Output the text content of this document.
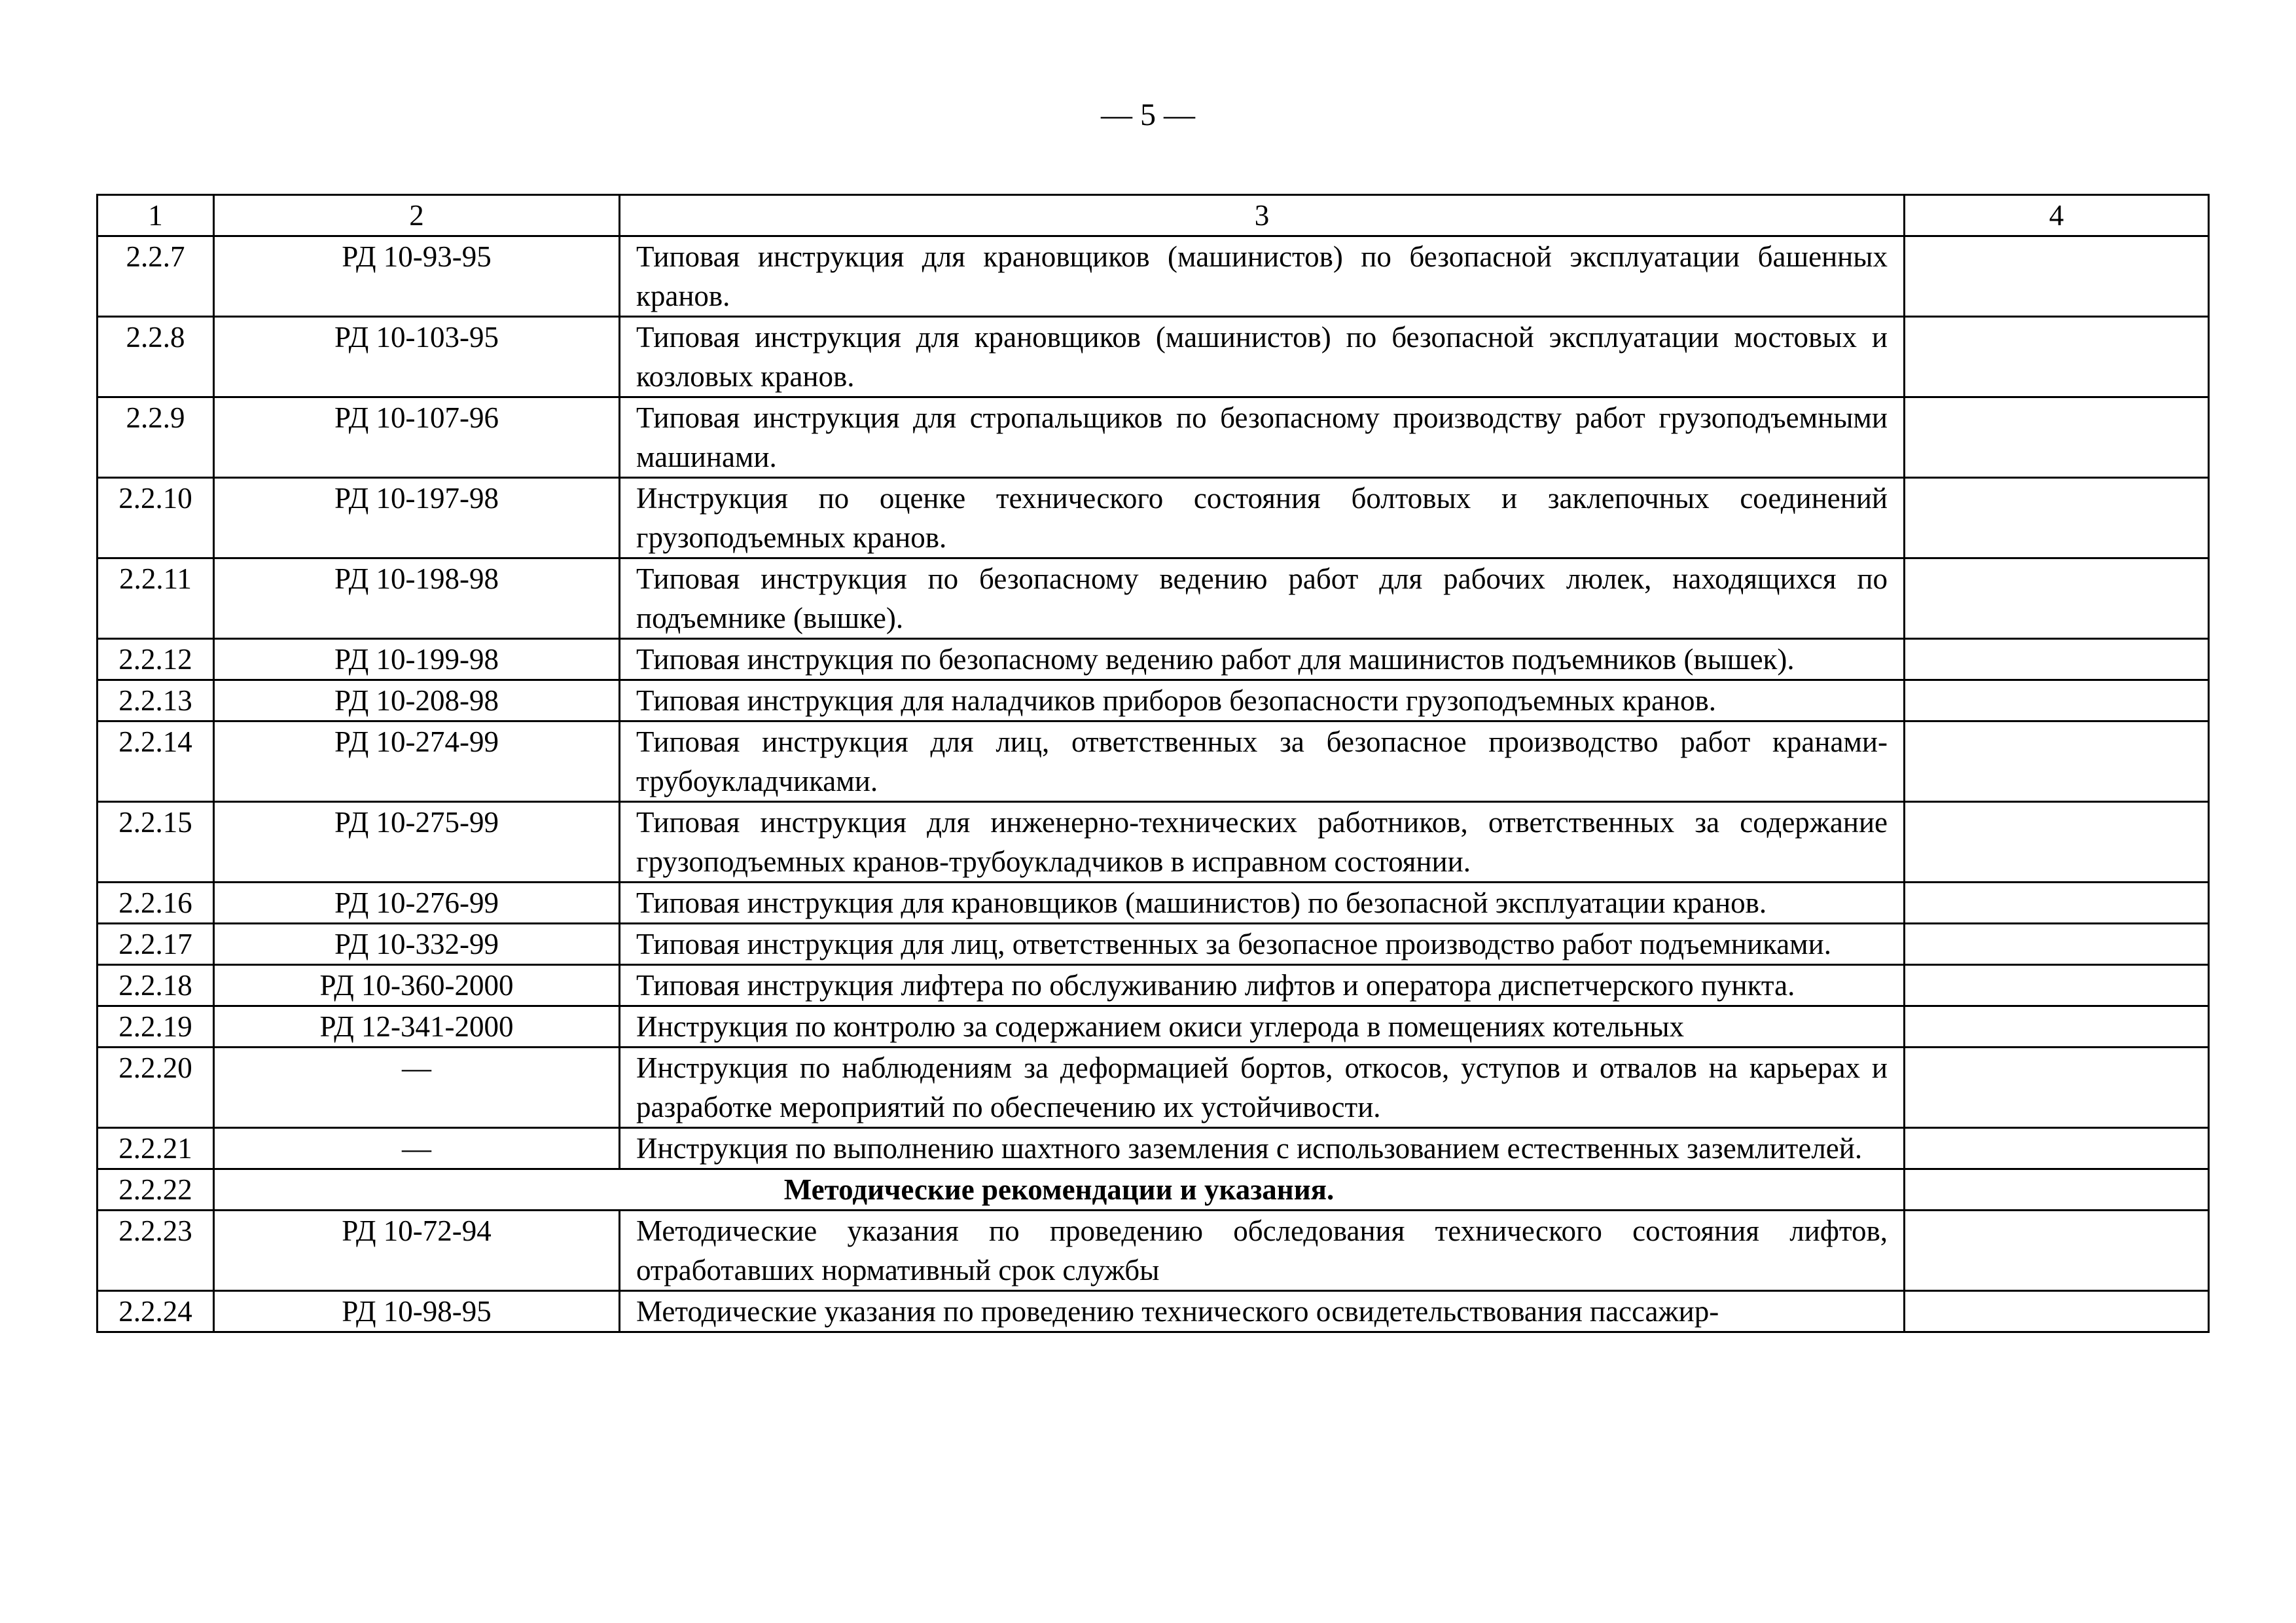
— 5 —
1	2	3	4
2.2.7	РД 10-93-95	Типовая инструкция для крановщиков (машинистов) по безопасной эксплуатации башенных кранов.	
2.2.8	РД 10-103-95	Типовая инструкция для крановщиков (машинистов) по безопасной эксплуатации мостовых и козловых кранов.	
2.2.9	РД 10-107-96	Типовая инструкция для стропальщиков по безопасному производству работ грузоподъемными машинами.	
2.2.10	РД 10-197-98	Инструкция по оценке технического состояния болтовых и заклепочных соединений грузоподъемных кранов.	
2.2.11	РД 10-198-98	Типовая инструкция по безопасному ведению работ для рабочих люлек, находящихся по подъемнике (вышке).	
2.2.12	РД 10-199-98	Типовая инструкция по безопасному ведению работ для машинистов подъемников (вышек).	
2.2.13	РД 10-208-98	Типовая инструкция для наладчиков приборов безопасности грузоподъемных кранов.	
2.2.14	РД 10-274-99	Типовая инструкция для лиц, ответственных за безопасное производство работ кранами-трубоукладчиками.	
2.2.15	РД 10-275-99	Типовая инструкция для инженерно-технических работников, ответственных за содержание грузоподъемных кранов-трубоукладчиков в исправном состоянии.	
2.2.16	РД 10-276-99	Типовая инструкция для крановщиков (машинистов) по безопасной эксплуатации кранов.	
2.2.17	РД 10-332-99	Типовая инструкция для лиц, ответственных за безопасное производство работ подъемниками.	
2.2.18	РД 10-360-2000	Типовая инструкция лифтера по обслуживанию лифтов и оператора диспетчерского пункта.	
2.2.19	РД 12-341-2000	Инструкция по контролю за содержанием окиси углерода в помещениях котельных	
2.2.20	—	Инструкция по наблюдениям за деформацией бортов, откосов, уступов и отвалов на карьерах и разработке мероприятий по обеспечению их устойчивости.	
2.2.21	—	Инструкция по выполнению шахтного заземления с использованием естественных заземлителей.	
2.2.22	Методические рекомендации и указания.		
2.2.23	РД 10-72-94	Методические указания по проведению обследования технического состояния лифтов, отработавших нормативный срок службы	
2.2.24	РД 10-98-95	Методические указания по проведению технического освидетельствования пассажир-	
